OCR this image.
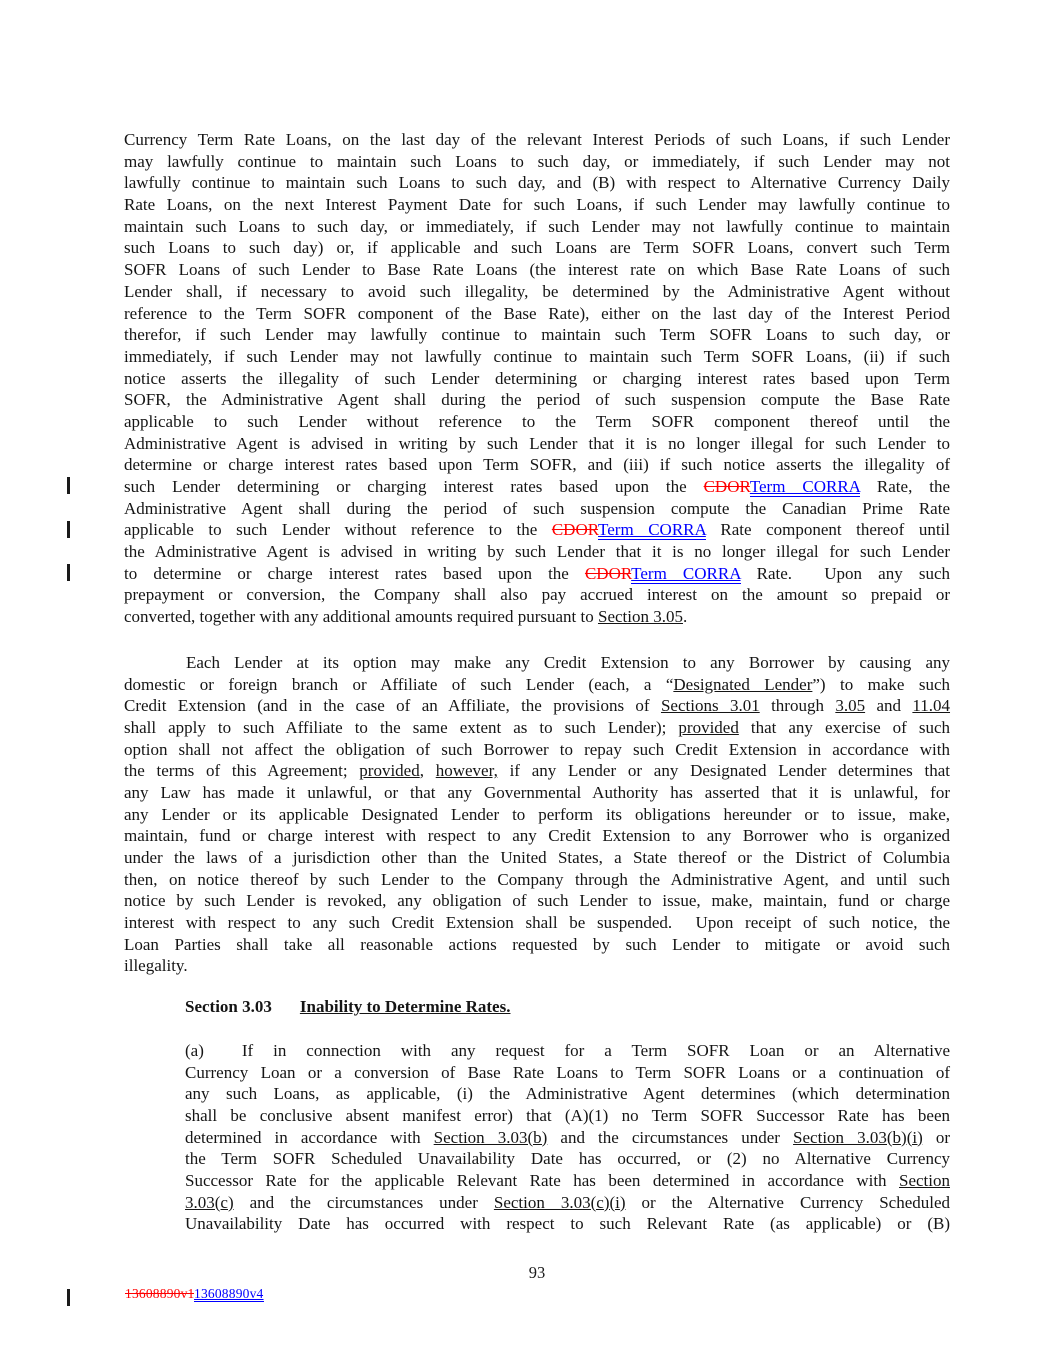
Currency Term Rate Loans, on the last day of the relevant Interest Periods of such Loans, if such Lender
may lawfully continue to maintain such Loans to such day, or immediately, if such Lender may not
lawfully continue to maintain such Loans to such day, and (B) with respect to Alternative Currency Daily
Rate Loans, on the next Interest Payment Date for such Loans, if such Lender may lawfully continue to
maintain such Loans to such day, or immediately, if such Lender may not lawfully continue to maintain
such Loans to such day) or, if applicable and such Loans are Term SOFR Loans, convert such Term
SOFR Loans of such Lender to Base Rate Loans (the interest rate on which Base Rate Loans of such
Lender shall, if necessary to avoid such illegality, be determined by the Administrative Agent without
reference to the Term SOFR component of the Base Rate), either on the last day of the Interest Period
therefor, if such Lender may lawfully continue to maintain such Term SOFR Loans to such day, or
immediately, if such Lender may not lawfully continue to maintain such Term SOFR Loans, (ii) if such
notice asserts the illegality of such Lender determining or charging interest rates based upon Term
SOFR, the Administrative Agent shall during the period of such suspension compute the Base Rate
applicable to such Lender without reference to the Term SOFR component thereof until the
Administrative Agent is advised in writing by such Lender that it is no longer illegal for such Lender to
determine or charge interest rates based upon Term SOFR, and (iii) if such notice asserts the illegality of
such Lender determining or charging interest rates based upon the CDORTerm CORRA Rate, the
Administrative Agent shall during the period of such suspension compute the Canadian Prime Rate
applicable to such Lender without reference to the CDORTerm CORRA Rate component thereof until
the Administrative Agent is advised in writing by such Lender that it is no longer illegal for such Lender
to determine or charge interest rates based upon the CDORTerm CORRA Rate.  Upon any such
prepayment or conversion, the Company shall also pay accrued interest on the amount so prepaid or
converted, together with any additional amounts required pursuant to Section 3.05.
Each Lender at its option may make any Credit Extension to any Borrower by causing any
domestic or foreign branch or Affiliate of such Lender (each, a “Designated Lender”) to make such
Credit Extension (and in the case of an Affiliate, the provisions of Sections 3.01 through 3.05 and 11.04
shall apply to such Affiliate to the same extent as to such Lender); provided that any exercise of such
option shall not affect the obligation of such Borrower to repay such Credit Extension in accordance with
the terms of this Agreement; provided, however, if any Lender or any Designated Lender determines that
any Law has made it unlawful, or that any Governmental Authority has asserted that it is unlawful, for
any Lender or its applicable Designated Lender to perform its obligations hereunder or to issue, make,
maintain, fund or charge interest with respect to any Credit Extension to any Borrower who is organized
under the laws of a jurisdiction other than the United States, a State thereof or the District of Columbia
then, on notice thereof by such Lender to the Company through the Administrative Agent, and until such
notice by such Lender is revoked, any obligation of such Lender to issue, make, maintain, fund or charge
interest with respect to any such Credit Extension shall be suspended.  Upon receipt of such notice, the
Loan Parties shall take all reasonable actions requested by such Lender to mitigate or avoid such
illegality.
Section 3.03 Inability to Determine Rates.
(a) If in connection with any request for a Term SOFR Loan or an Alternative
Currency Loan or a conversion of Base Rate Loans to Term SOFR Loans or a continuation of
any such Loans, as applicable, (i) the Administrative Agent determines (which determination
shall be conclusive absent manifest error) that (A)(1) no Term SOFR Successor Rate has been
determined in accordance with Section 3.03(b) and the circumstances under Section 3.03(b)(i) or
the Term SOFR Scheduled Unavailability Date has occurred, or (2) no Alternative Currency
Successor Rate for the applicable Relevant Rate has been determined in accordance with Section
3.03(c) and the circumstances under Section 3.03(c)(i) or the Alternative Currency Scheduled
Unavailability Date has occurred with respect to such Relevant Rate (as applicable) or (B)
93
13608890v113608890v4
